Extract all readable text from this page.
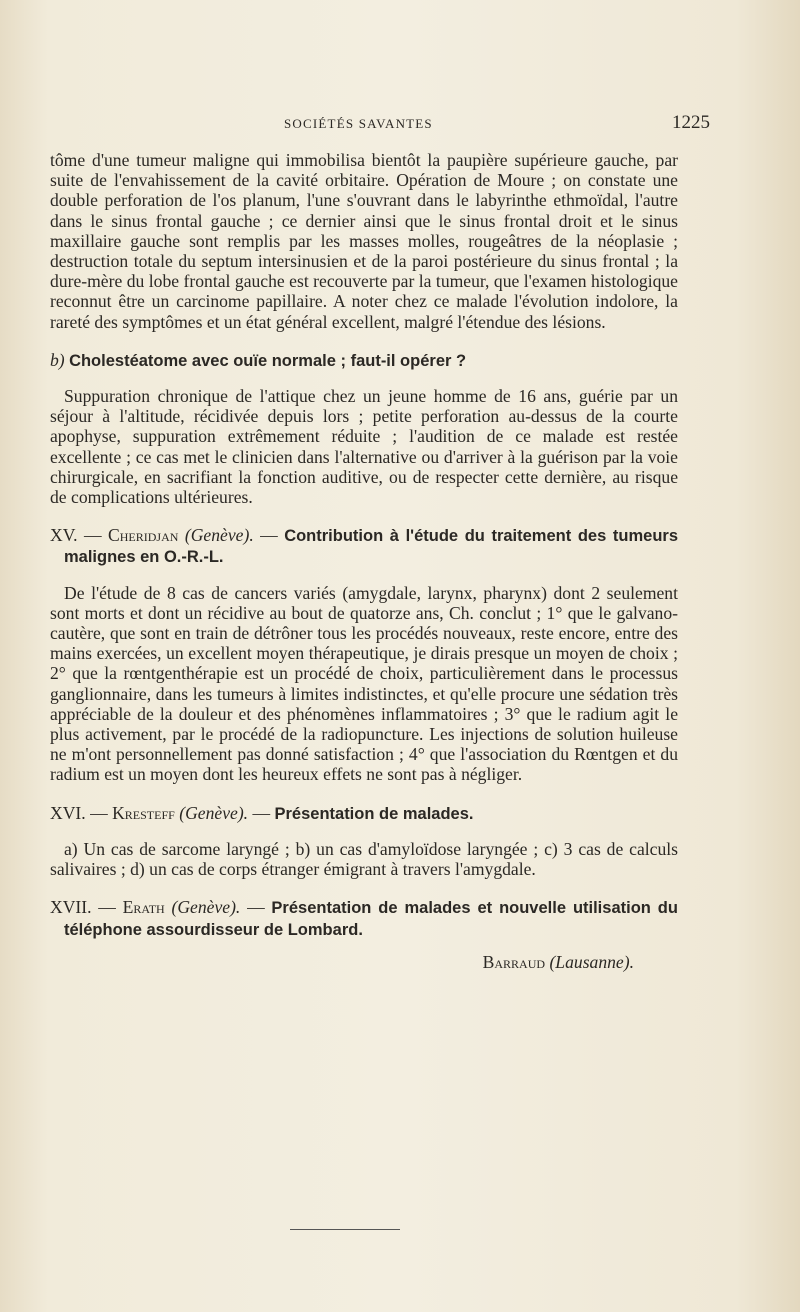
SOCIÉTÉS SAVANTES	1225

tôme d'une tumeur maligne qui immobilisa bientôt la paupière supérieure gauche, par suite de l'envahissement de la cavité orbitaire. Opération de Moure ; on constate une double perforation de l'os planum, l'une s'ouvrant dans le labyrinthe ethmoïdal, l'autre dans le sinus frontal gauche ; ce dernier ainsi que le sinus frontal droit et le sinus maxillaire gauche sont remplis par les masses molles, rougeâtres de la néoplasie ; destruction totale du septum intersinusien et de la paroi postérieure du sinus frontal ; la dure-mère du lobe frontal gauche est recouverte par la tumeur, que l'examen histologique reconnut être un carcinome papillaire. A noter chez ce malade l'évolution indolore, la rareté des symptômes et un état général excellent, malgré l'étendue des lésions.

b) Cholestéatome avec ouïe normale ; faut-il opérer ?

Suppuration chronique de l'attique chez un jeune homme de 16 ans, guérie par un séjour à l'altitude, récidivée depuis lors ; petite perforation au-dessus de la courte apophyse, suppuration extrêmement réduite ; l'audition de ce malade est restée excellente ; ce cas met le clinicien dans l'alternative ou d'arriver à la guérison par la voie chirurgicale, en sacrifiant la fonction auditive, ou de respecter cette dernière, au risque de complications ultérieures.

XV. — Cheridjan (Genève). — Contribution à l'étude du traitement des tumeurs malignes en O.-R.-L.

De l'étude de 8 cas de cancers variés (amygdale, larynx, pharynx) dont 2 seulement sont morts et dont un récidive au bout de quatorze ans, Ch. conclut ; 1° que le galvano-cautère, que sont en train de détrôner tous les procédés nouveaux, reste encore, entre des mains exercées, un excellent moyen thérapeutique, je dirais presque un moyen de choix ; 2° que la rœntgenthérapie est un procédé de choix, particulièrement dans le processus ganglionnaire, dans les tumeurs à limites indistinctes, et qu'elle procure une sédation très appréciable de la douleur et des phénomènes inflammatoires ; 3° que le radium agit le plus activement, par le procédé de la radiopuncture. Les injections de solution huileuse ne m'ont personnellement pas donné satisfaction ; 4° que l'association du Rœntgen et du radium est un moyen dont les heureux effets ne sont pas à négliger.

XVI. — Kresteff (Genève). — Présentation de malades.

a) Un cas de sarcome laryngé ; b) un cas d'amyloïdose laryngée ; c) 3 cas de calculs salivaires ; d) un cas de corps étranger émigrant à travers l'amygdale.

XVII. — Erath (Genève). — Présentation de malades et nouvelle utilisation du téléphone assourdisseur de Lombard.

Barraud (Lausanne).
